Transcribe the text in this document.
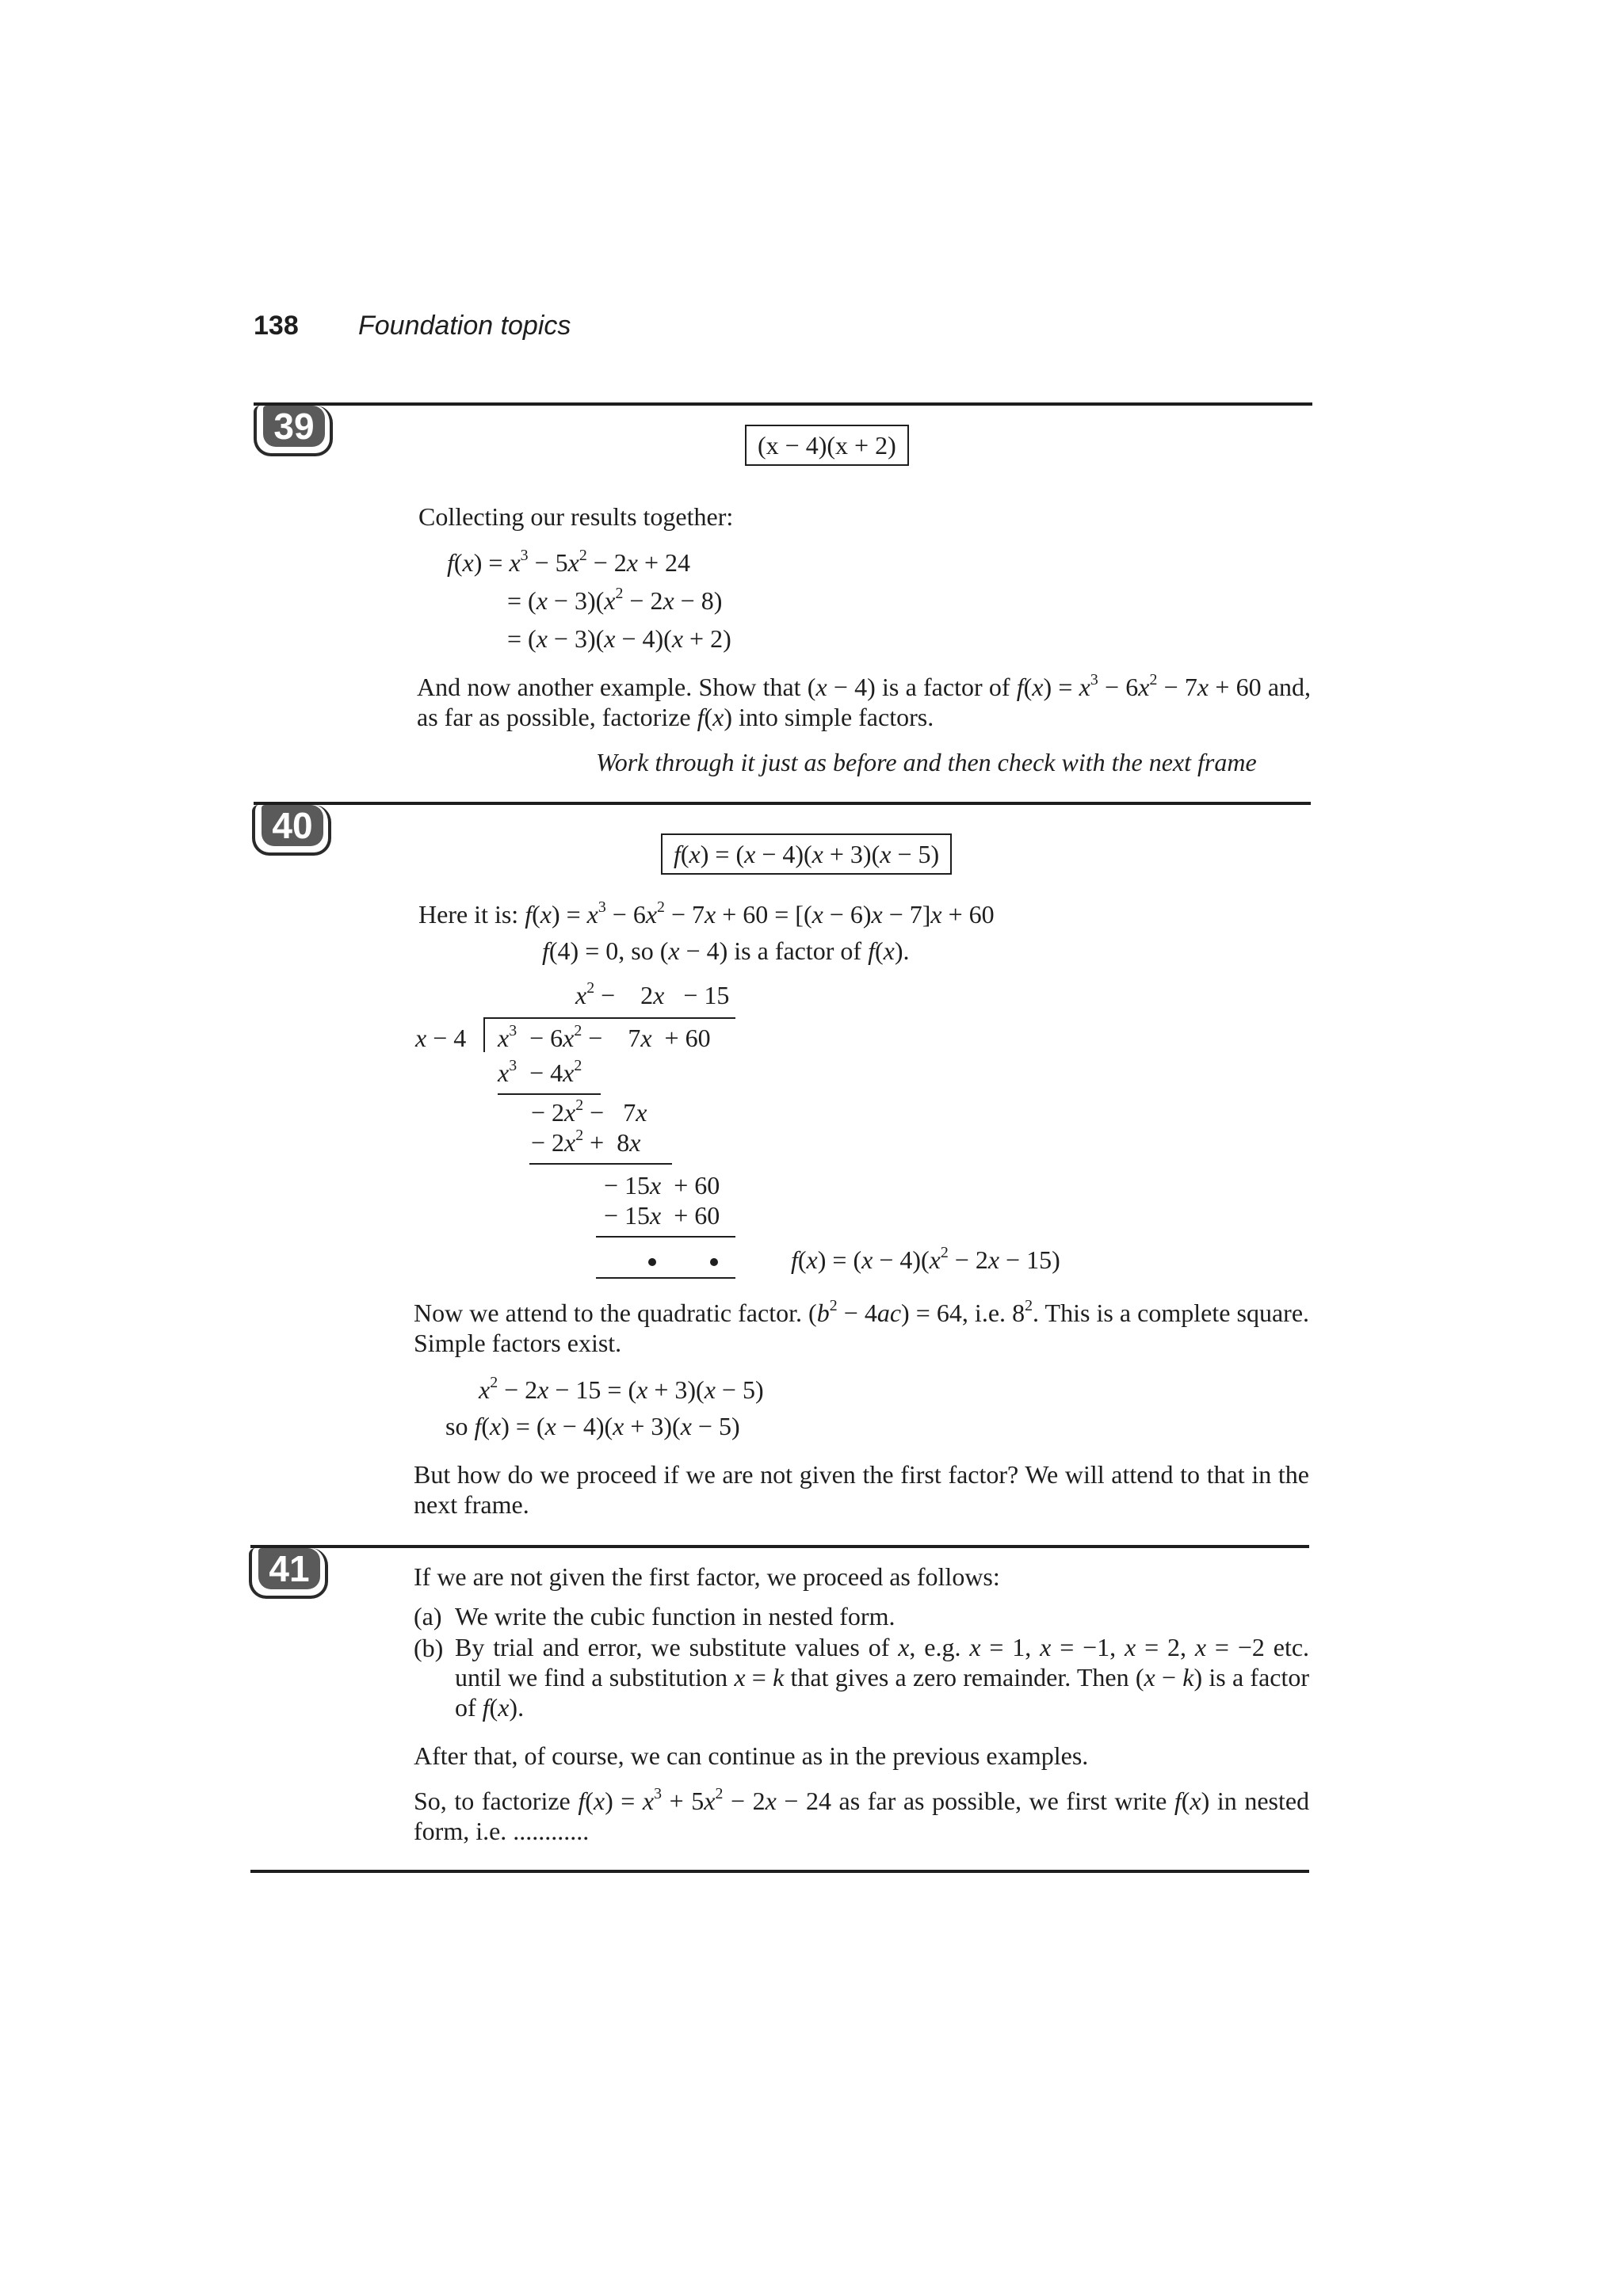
138 Foundation topics
39	(x − 4)(x + 2)
Collecting our results together:
$f(x) = x^3 - 5x^2 - 2x + 24$
= $(x - 3)(x^2 - 2x - 8)$
= (x − 3)(x − 4)(x + 2)
And now another example. Show that (x − 4) is a factor of $f(x) = x^3 - 6x^2 - 7x + 60$ and, as far as possible, factorize f(x) into simple factors.
Work through it just as before and then check with the next frame
40
f(x) = (x − 4)(x + 3)(x − 5)
Here it is: $f(x) = x^3 - 6x^2 - 7x + 60 = [(x - 6)x - 7]x + 60$
f(4) = 0, so (x − 4) is a factor of f(x).
$x^2$ −    2x   − 15
x − 4 $x^3 - 6x^2$ −    7x  + 60
$x^3 - 4x^2$
− $2x^2 - 7x$
− $2x^2 + 8x$
− 15x  + 60
− 15x  + 60
$f(x) = (x - 4)(x^2 - 2x - 15)$
Now we attend to the quadratic factor. $(b^2 - 4ac) = 64$, i.e. $8^2$. This is a complete square. Simple factors exist.
$x^2 - 2x - 15 = (x + 3)(x - 5)$
so f(x) = (x − 4)(x + 3)(x − 5)
But how do we proceed if we are not given the first factor? We will attend to that in the next frame.
41	If we are not given the first factor, we proceed as follows:
(a) We write the cubic function in nested form.
(b) By trial and error, we substitute values of x, e.g. x = 1, x = −1, x = 2, x = −2 etc. until we find a substitution x = k that gives a zero remainder. Then (x − k) is a factor of f(x).
After that, of course, we can continue as in the previous examples.
So, to factorize $f(x) = x^3 + 5x^2 - 2x - 24$ as far as possible, we first write f(x) in nested form, i.e. ............
